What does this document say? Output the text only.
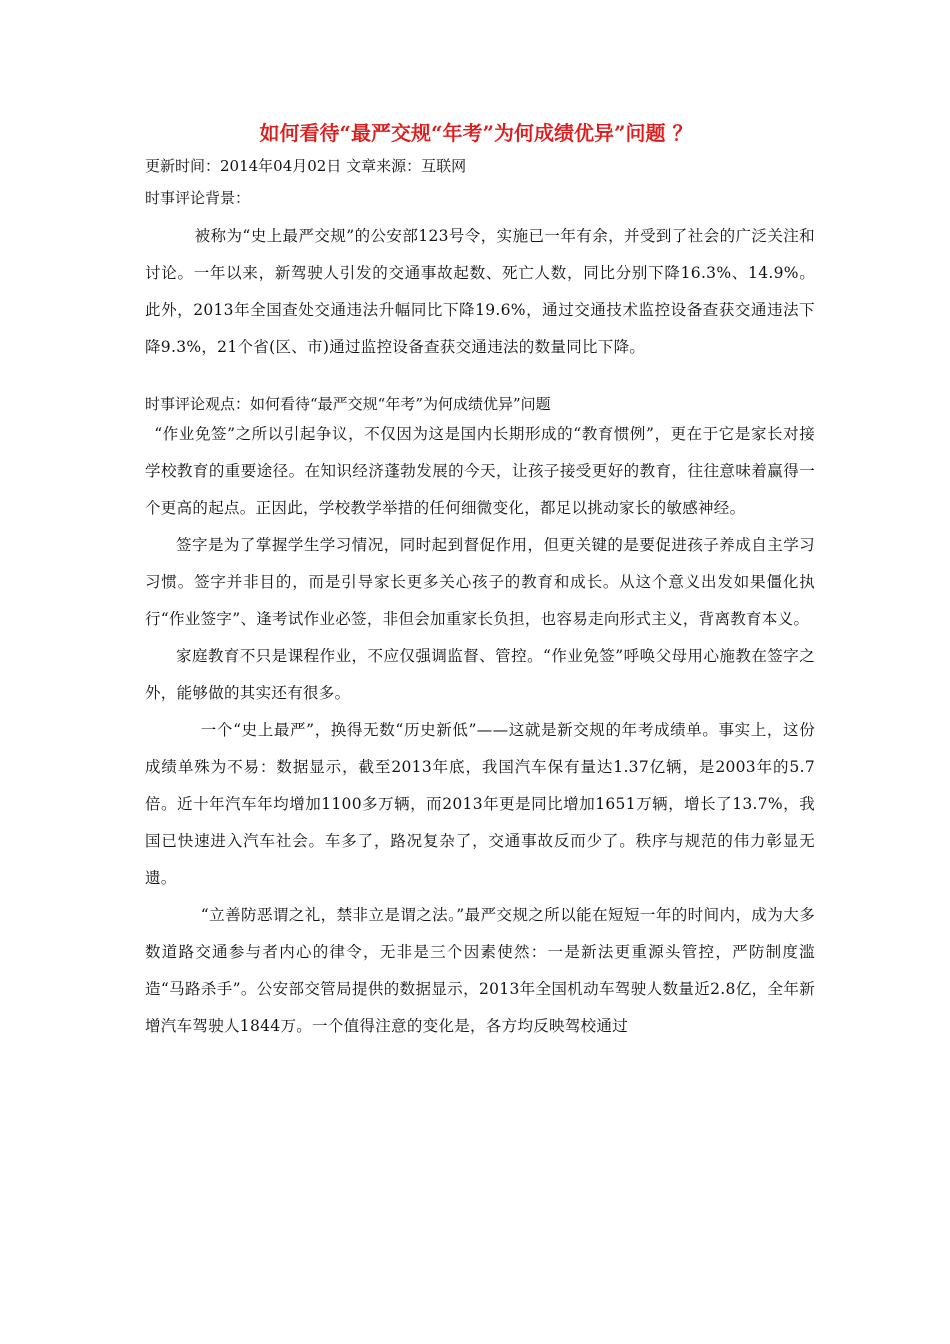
如何看待“最严交规“年考”为何成绩优异”问题 ？

更新时间：2014年04月02日 文章来源：互联网

时事评论背景：

被称为“史上最严交规”的公安部123号令，实施已一年有余，并受到了社会的广泛关注和讨论。一年以来，新驾驶人引发的交通事故起数、死亡人数，同比分别下降16.3%、14.9%。此外，2013年全国查处交通违法升幅同比下降19.6%，通过交通技术监控设备查获交通违法下降9.3%，21个省(区、市)通过监控设备查获交通违法的数量同比下降。

时事评论观点：如何看待“最严交规“年考”为何成绩优异”问题

“作业免签”之所以引起争议，不仅因为这是国内长期形成的“教育惯例”，更在于它是家长对接学校教育的重要途径。在知识经济蓬勃发展的今天，让孩子接受更好的教育，往往意味着赢得一个更高的起点。正因此，学校教学举措的任何细微变化，都足以挑动家长的敏感神经。

签字是为了掌握学生学习情况，同时起到督促作用，但更关键的是要促进孩子养成自主学习习惯。签字并非目的，而是引导家长更多关心孩子的教育和成长。从这个意义出发如果僵化执行“作业签字”、逢考试作业必签，非但会加重家长负担，也容易走向形式主义，背离教育本义。

家庭教育不只是课程作业，不应仅强调监督、管控。“作业免签”呼唤父母用心施教在签字之外，能够做的其实还有很多。

一个“史上最严”，换得无数“历史新低”——这就是新交规的年考成绩单。事实上，这份成绩单殊为不易：数据显示，截至2013年底，我国汽车保有量达1.37亿辆，是2003年的5.7倍。近十年汽车年均增加1100多万辆，而2013年更是同比增加1651万辆，增长了13.7%，我国已快速进入汽车社会。车多了，路况复杂了，交通事故反而少了。秩序与规范的伟力彰显无遗。

“立善防恶谓之礼，禁非立是谓之法。”最严交规之所以能在短短一年的时间内，成为大多数道路交通参与者内心的律令，无非是三个因素使然：一是新法更重源头管控，严防制度滥造“马路杀手”。公安部交管局提供的数据显示，2013年全国机动车驾驶人数量近2.8亿，全年新增汽车驾驶人1844万。一个值得注意的变化是，各方均反映驾校通过
